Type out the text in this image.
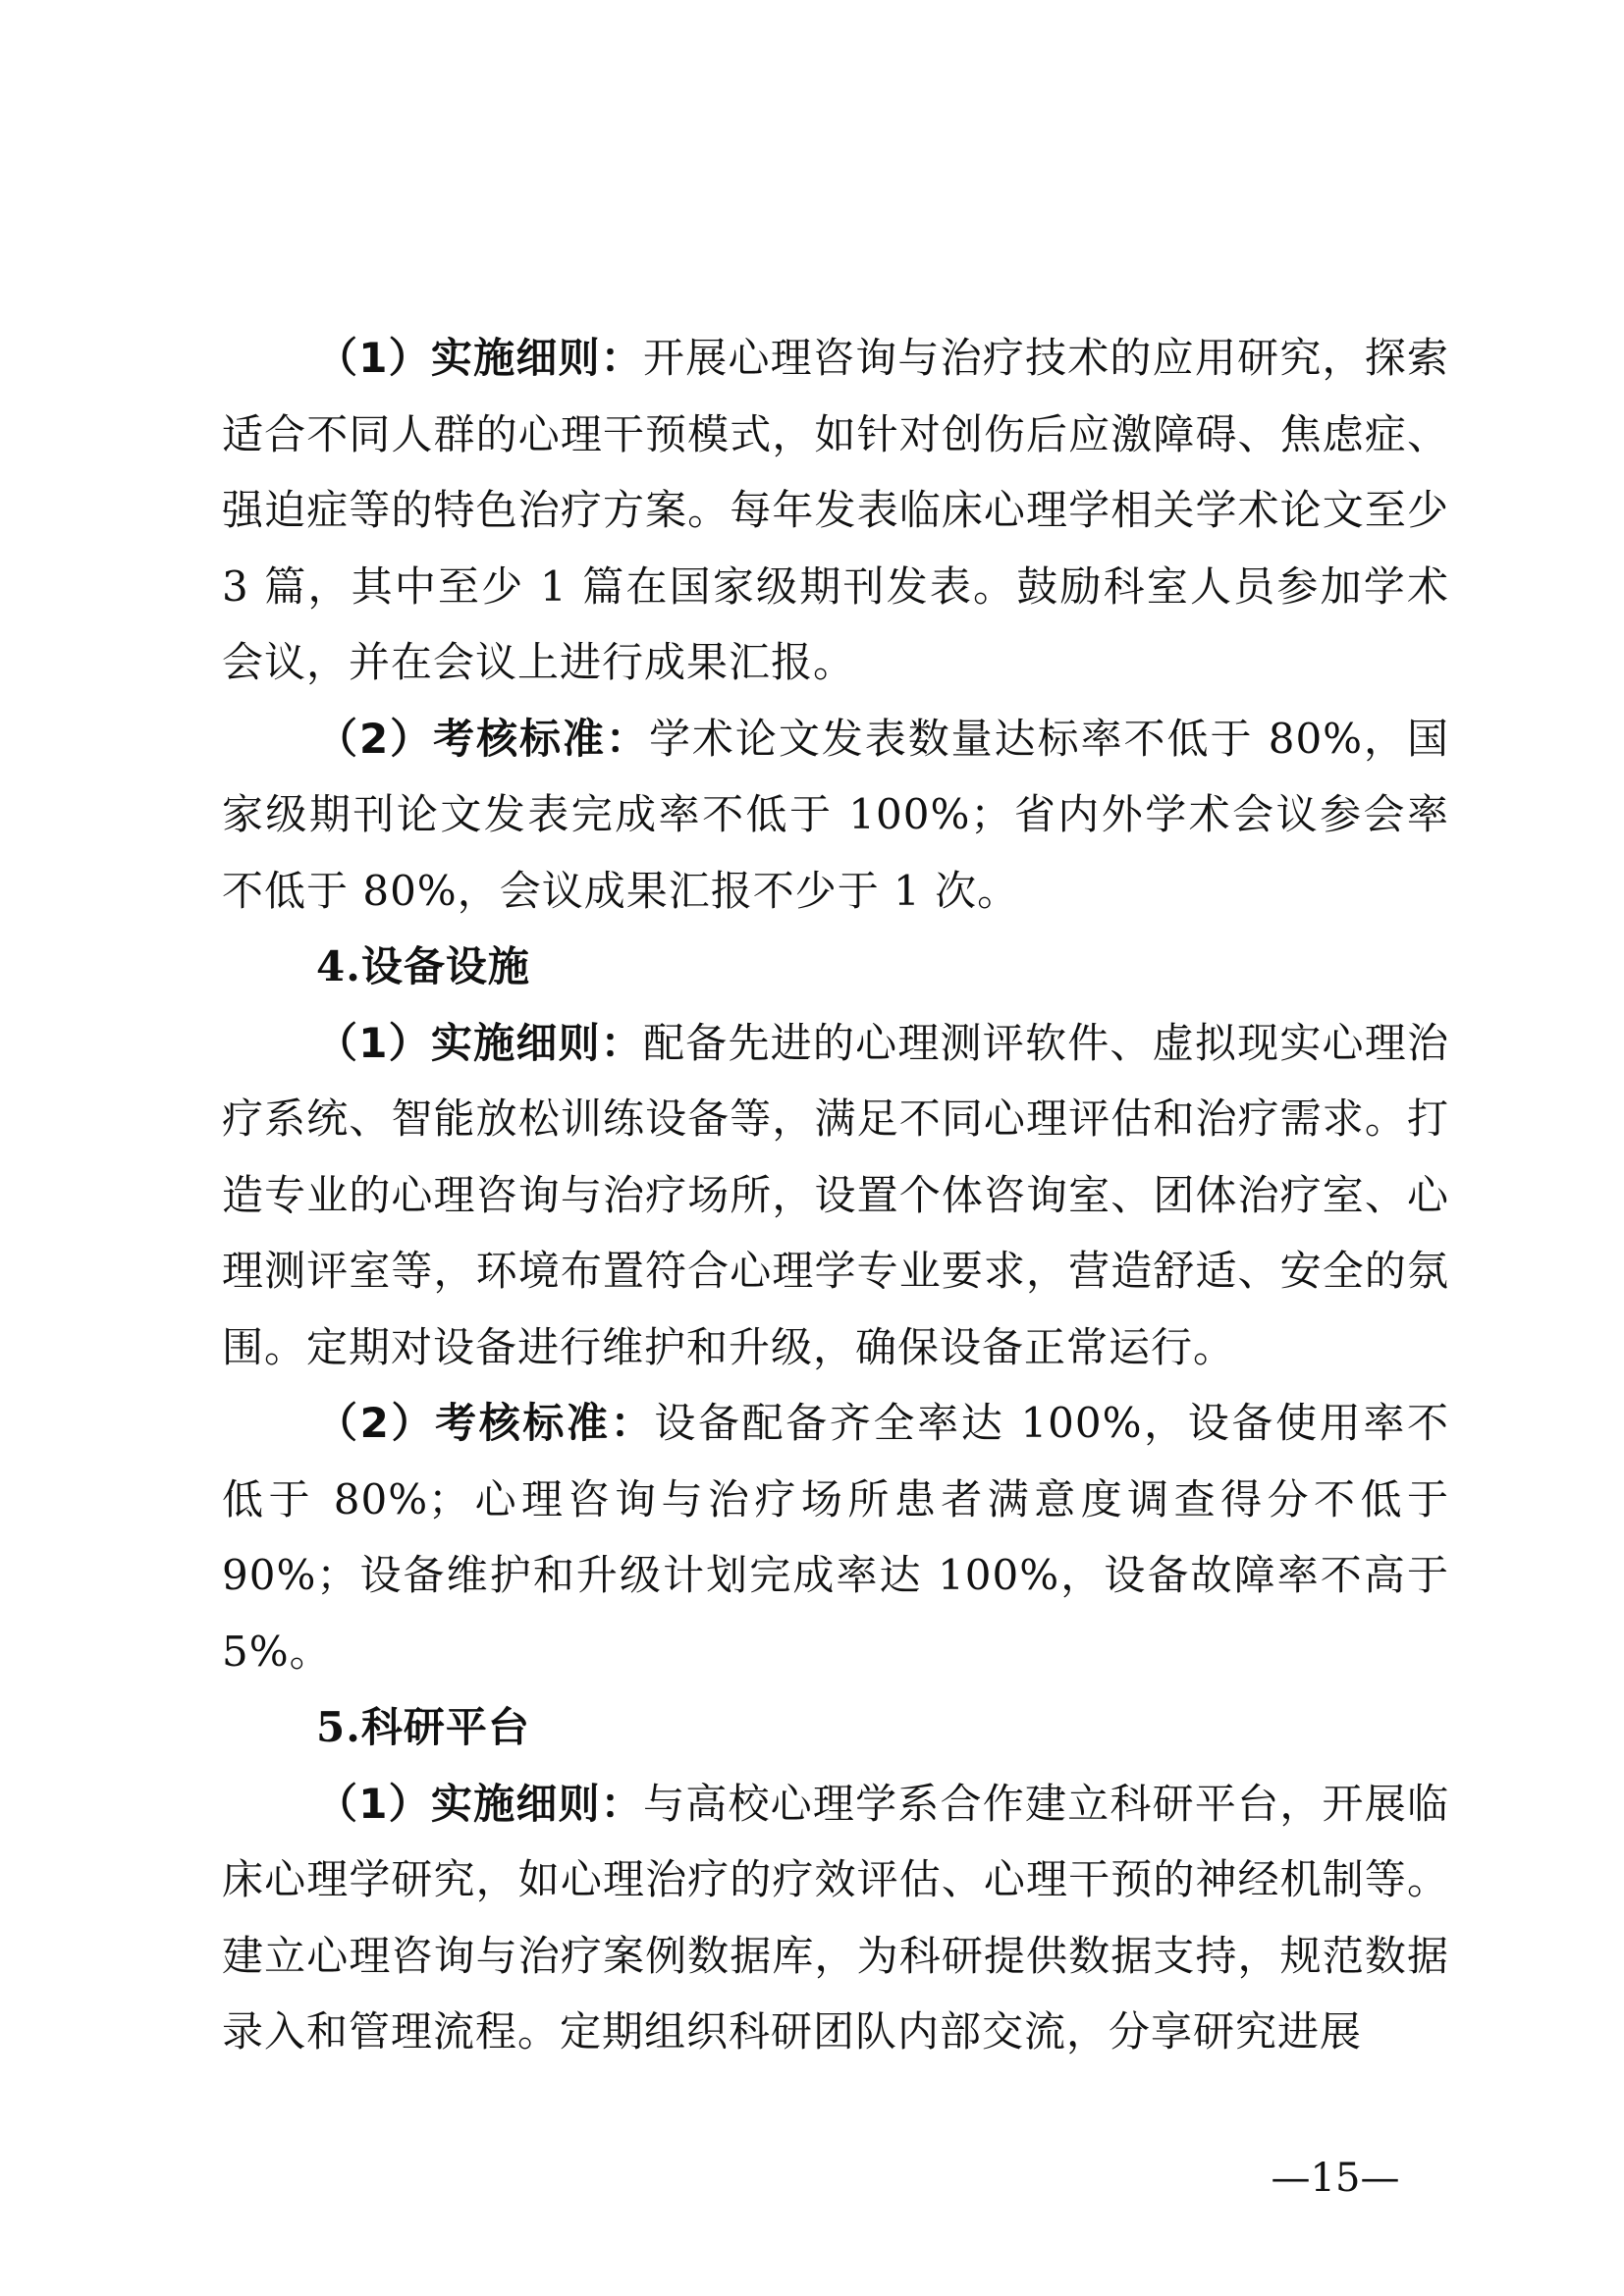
（1）实施细则：开展心理咨询与治疗技术的应用研究，探索适合不同人群的心理干预模式，如针对创伤后应激障碍、焦虑症、强迫症等的特色治疗方案。每年发表临床心理学相关学术论文至少 3 篇，其中至少 1 篇在国家级期刊发表。鼓励科室人员参加学术会议，并在会议上进行成果汇报。

（2）考核标准：学术论文发表数量达标率不低于 80%，国家级期刊论文发表完成率不低于 100%；省内外学术会议参会率不低于 80%，会议成果汇报不少于 1 次。

4.设备设施

（1）实施细则：配备先进的心理测评软件、虚拟现实心理治疗系统、智能放松训练设备等，满足不同心理评估和治疗需求。打造专业的心理咨询与治疗场所，设置个体咨询室、团体治疗室、心理测评室等，环境布置符合心理学专业要求，营造舒适、安全的氛围。定期对设备进行维护和升级，确保设备正常运行。

（2）考核标准：设备配备齐全率达 100%，设备使用率不低于 80%；心理咨询与治疗场所患者满意度调查得分不低于 90%；设备维护和升级计划完成率达 100%，设备故障率不高于 5%。

5.科研平台

（1）实施细则：与高校心理学系合作建立科研平台，开展临床心理学研究，如心理治疗的疗效评估、心理干预的神经机制等。建立心理咨询与治疗案例数据库，为科研提供数据支持，规范数据录入和管理流程。定期组织科研团队内部交流，分享研究进展

—15—
